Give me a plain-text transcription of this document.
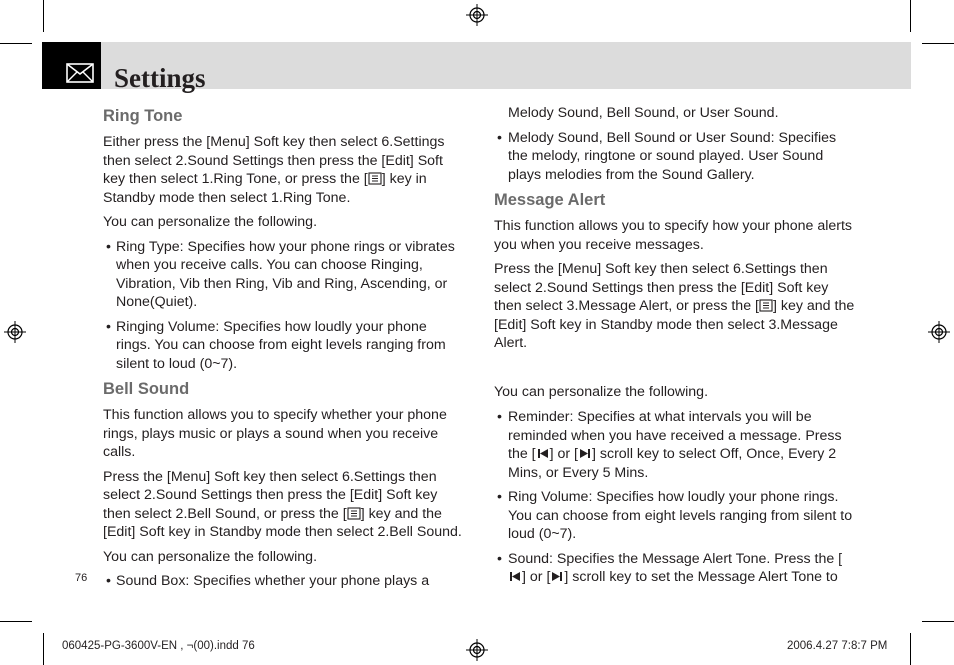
Settings
Ring Tone

Either press the [Menu] Soft key then select 6.Settings then select 2.Sound Settings then press the [Edit] Soft key then select 1.Ring Tone, or press the [ ] key in Standby mode then select 1.Ring Tone.

You can personalize the following.

• Ring Type: Specifies how your phone rings or vibrates when you receive calls. You can choose Ringing, Vibration, Vib then Ring, Vib and Ring, Ascending, or None(Quiet).
• Ringing Volume: Specifies how loudly your phone rings. You can choose from eight levels ranging from silent to loud (0~7).
Bell Sound

This function allows you to specify whether your phone rings, plays music or plays a sound when you receive calls.

Press the [Menu] Soft key then select 6.Settings then select 2.Sound Settings then press the [Edit] Soft key then select 2.Bell Sound, or press the [ ] key and the [Edit] Soft key in Standby mode then select 2.Bell Sound.

You can personalize the following.

• Sound Box: Specifies whether your phone plays a
76

Melody Sound, Bell Sound, or User Sound.

• Melody Sound, Bell Sound or User Sound: Specifies the melody, ringtone or sound played. User Sound plays melodies from the Sound Gallery.
Message Alert

This function allows you to specify how your phone alerts you when you receive messages.

Press the [Menu] Soft key then select 6.Settings then select 2.Sound Settings then press the [Edit] Soft key then select 3.Message Alert, or press the [ ] key and the [Edit] Soft key in Standby mode then select 3.Message Alert.

You can personalize the following.

• Reminder: Specifies at what intervals you will be reminded when you have received a message. Press the [ ] or [ ] scroll key to select Off, Once, Every 2 Mins, or Every 5 Mins.
• Ring Volume: Specifies how loudly your phone rings. You can choose from eight levels ranging from silent to loud (0~7).
• Sound: Specifies the Message Alert Tone. Press the [] or [ ] scroll key to set the Message Alert Tone to
060425-PG-3600V-EN , ¬(00).indd 76	2006.4.27 7:8:7 PM
